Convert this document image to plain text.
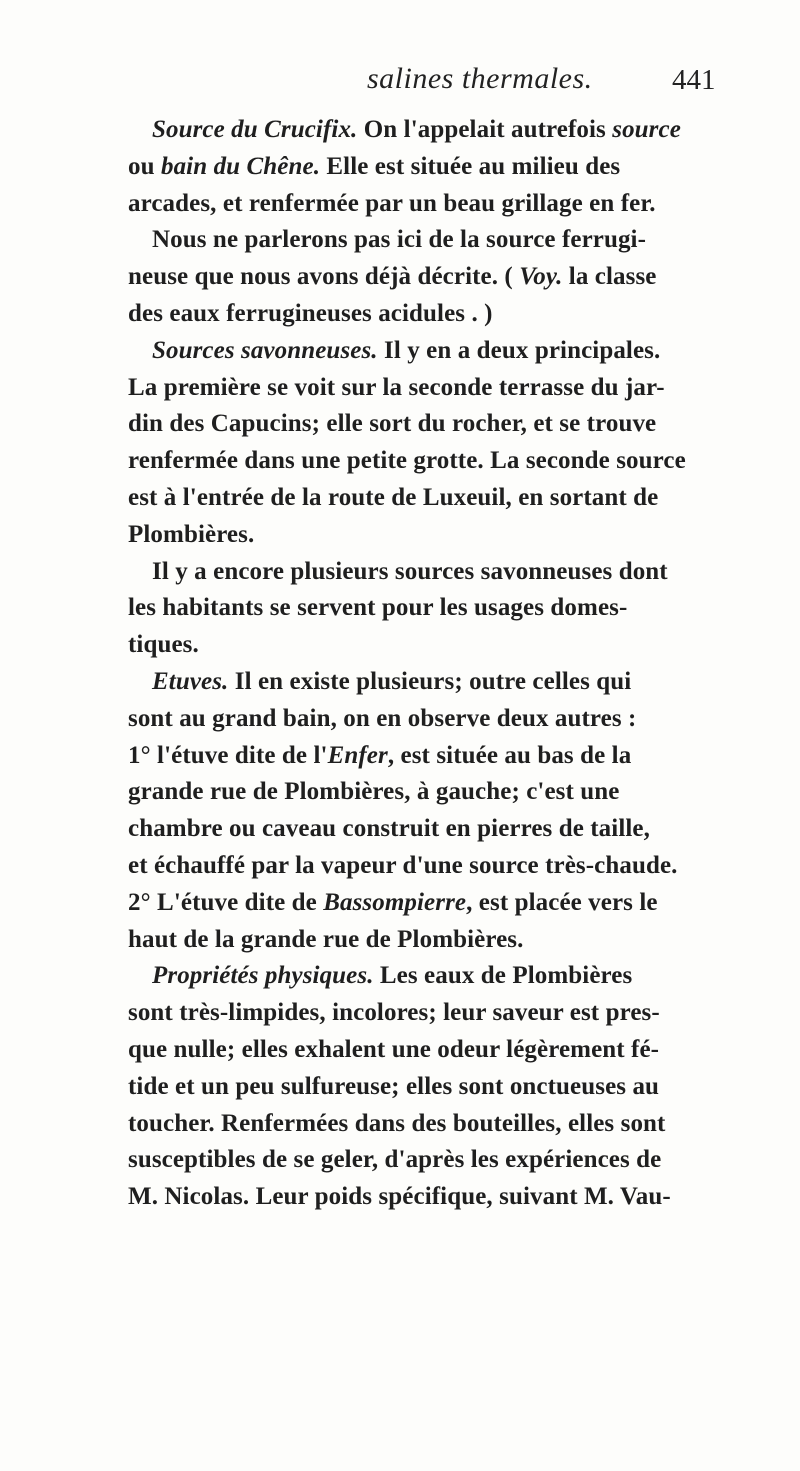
salines thermales.	441
Source du Crucifix. On l'appelait autrefois source
ou bain du Chêne. Elle est située au milieu des
arcades, et renfermée par un beau grillage en fer.
Nous ne parlerons pas ici de la source ferrugi-
neuse que nous avons déjà décrite. ( Voy. la classe
des eaux ferrugineuses acidules . )
Sources savonneuses. Il y en a deux principales.
La première se voit sur la seconde terrasse du jar-
din des Capucins; elle sort du rocher, et se trouve
renfermée dans une petite grotte. La seconde source
est à l'entrée de la route de Luxeuil, en sortant de
Plombières.
Il y a encore plusieurs sources savonneuses dont
les habitants se servent pour les usages domes-
tiques.
Etuves. Il en existe plusieurs; outre celles qui
sont au grand bain, on en observe deux autres :
1° l'étuve dite de l'Enfer, est située au bas de la
grande rue de Plombières, à gauche; c'est une
chambre ou caveau construit en pierres de taille,
et échauffé par la vapeur d'une source très-chaude.
2° L'étuve dite de Bassompierre, est placée vers le
haut de la grande rue de Plombières.
Propriétés physiques. Les eaux de Plombières
sont très-limpides, incolores; leur saveur est pres-
que nulle; elles exhalent une odeur légèrement fé-
tide et un peu sulfureuse; elles sont onctueuses au
toucher. Renfermées dans des bouteilles, elles sont
susceptibles de se geler, d'après les expériences de
M. Nicolas. Leur poids spécifique, suivant M. Vau-
